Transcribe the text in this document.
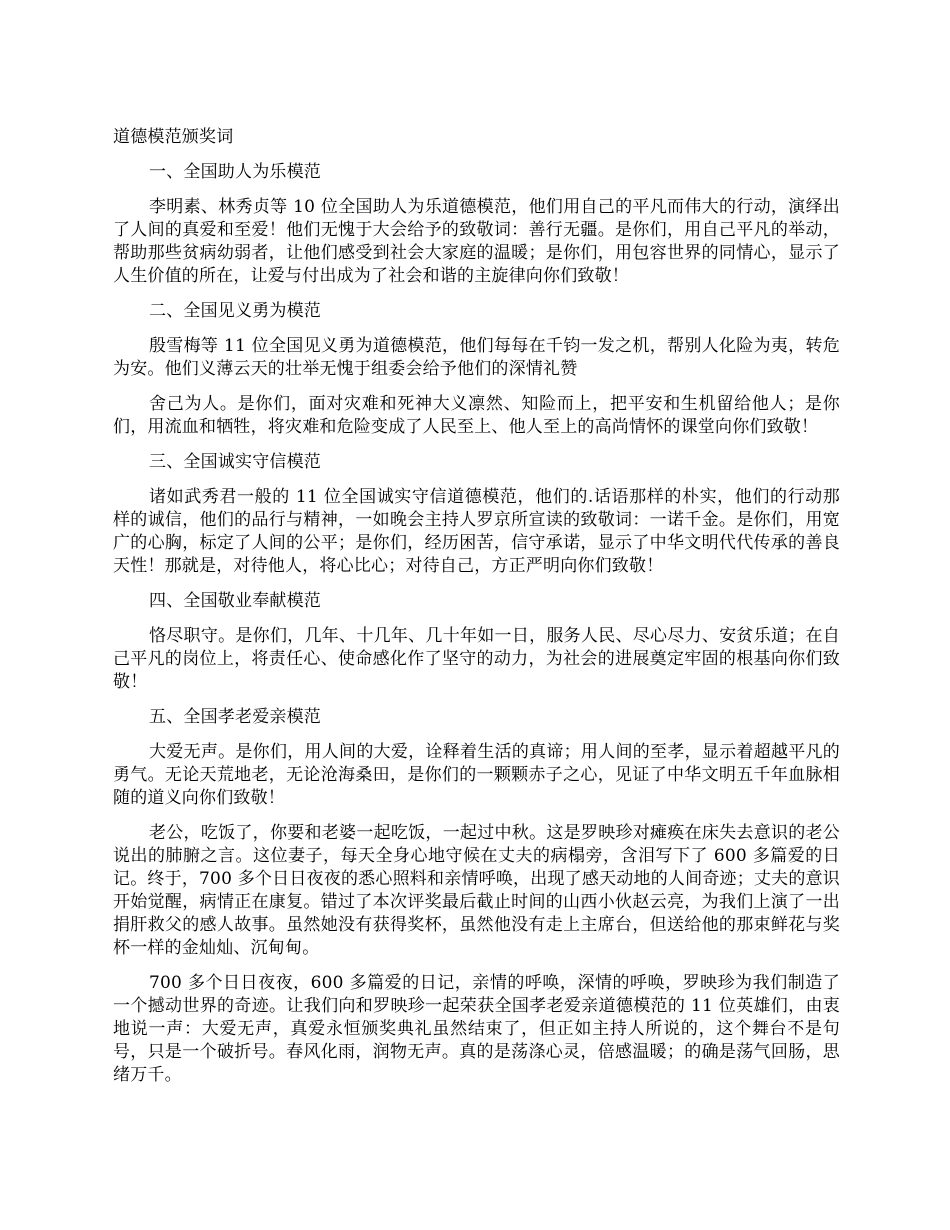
道德模范颁奖词
一、全国助人为乐模范

李明素、林秀贞等 10 位全国助人为乐道德模范，他们用自己的平凡而伟大的行动，演绎出了人间的真爱和至爱！他们无愧于大会给予的致敬词：善行无疆。是你们，用自己平凡的举动，帮助那些贫病幼弱者，让他们感受到社会大家庭的温暖；是你们，用包容世界的同情心，显示了人生价值的所在，让爱与付出成为了社会和谐的主旋律向你们致敬！

二、全国见义勇为模范

殷雪梅等 11 位全国见义勇为道德模范，他们每每在千钧一发之机，帮别人化险为夷，转危为安。他们义薄云天的壮举无愧于组委会给予他们的深情礼赞

舍己为人。是你们，面对灾难和死神大义凛然、知险而上，把平安和生机留给他人；是你们，用流血和牺牲，将灾难和危险变成了人民至上、他人至上的高尚情怀的课堂向你们致敬！

三、全国诚实守信模范

诸如武秀君一般的 11 位全国诚实守信道德模范，他们的.话语那样的朴实，他们的行动那样的诚信，他们的品行与精神，一如晚会主持人罗京所宣读的致敬词：一诺千金。是你们，用宽广的心胸，标定了人间的公平；是你们，经历困苦，信守承诺，显示了中华文明代代传承的善良天性！那就是，对待他人，将心比心；对待自己，方正严明向你们致敬！

四、全国敬业奉献模范

恪尽职守。是你们，几年、十几年、几十年如一日，服务人民、尽心尽力、安贫乐道；在自己平凡的岗位上，将责任心、使命感化作了坚守的动力，为社会的进展奠定牢固的根基向你们致敬！

五、全国孝老爱亲模范

大爱无声。是你们，用人间的大爱，诠释着生活的真谛；用人间的至孝，显示着超越平凡的勇气。无论天荒地老，无论沧海桑田，是你们的一颗颗赤子之心，见证了中华文明五千年血脉相随的道义向你们致敬！

老公，吃饭了，你要和老婆一起吃饭，一起过中秋。这是罗映珍对瘫痪在床失去意识的老公说出的肺腑之言。这位妻子，每天全身心地守候在丈夫的病榻旁，含泪写下了 600 多篇爱的日记。终于，700 多个日日夜夜的悉心照料和亲情呼唤，出现了感天动地的人间奇迹；丈夫的意识开始觉醒，病情正在康复。错过了本次评奖最后截止时间的山西小伙赵云亮，为我们上演了一出捐肝救父的感人故事。虽然她没有获得奖杯，虽然他没有走上主席台，但送给他的那束鲜花与奖杯一样的金灿灿、沉甸甸。

700 多个日日夜夜，600 多篇爱的日记，亲情的呼唤，深情的呼唤，罗映珍为我们制造了一个撼动世界的奇迹。让我们向和罗映珍一起荣获全国孝老爱亲道德模范的 11 位英雄们，由衷地说一声：大爱无声，真爱永恒颁奖典礼虽然结束了，但正如主持人所说的，这个舞台不是句号，只是一个破折号。春风化雨，润物无声。真的是荡涤心灵，倍感温暖；的确是荡气回肠，思绪万千。
